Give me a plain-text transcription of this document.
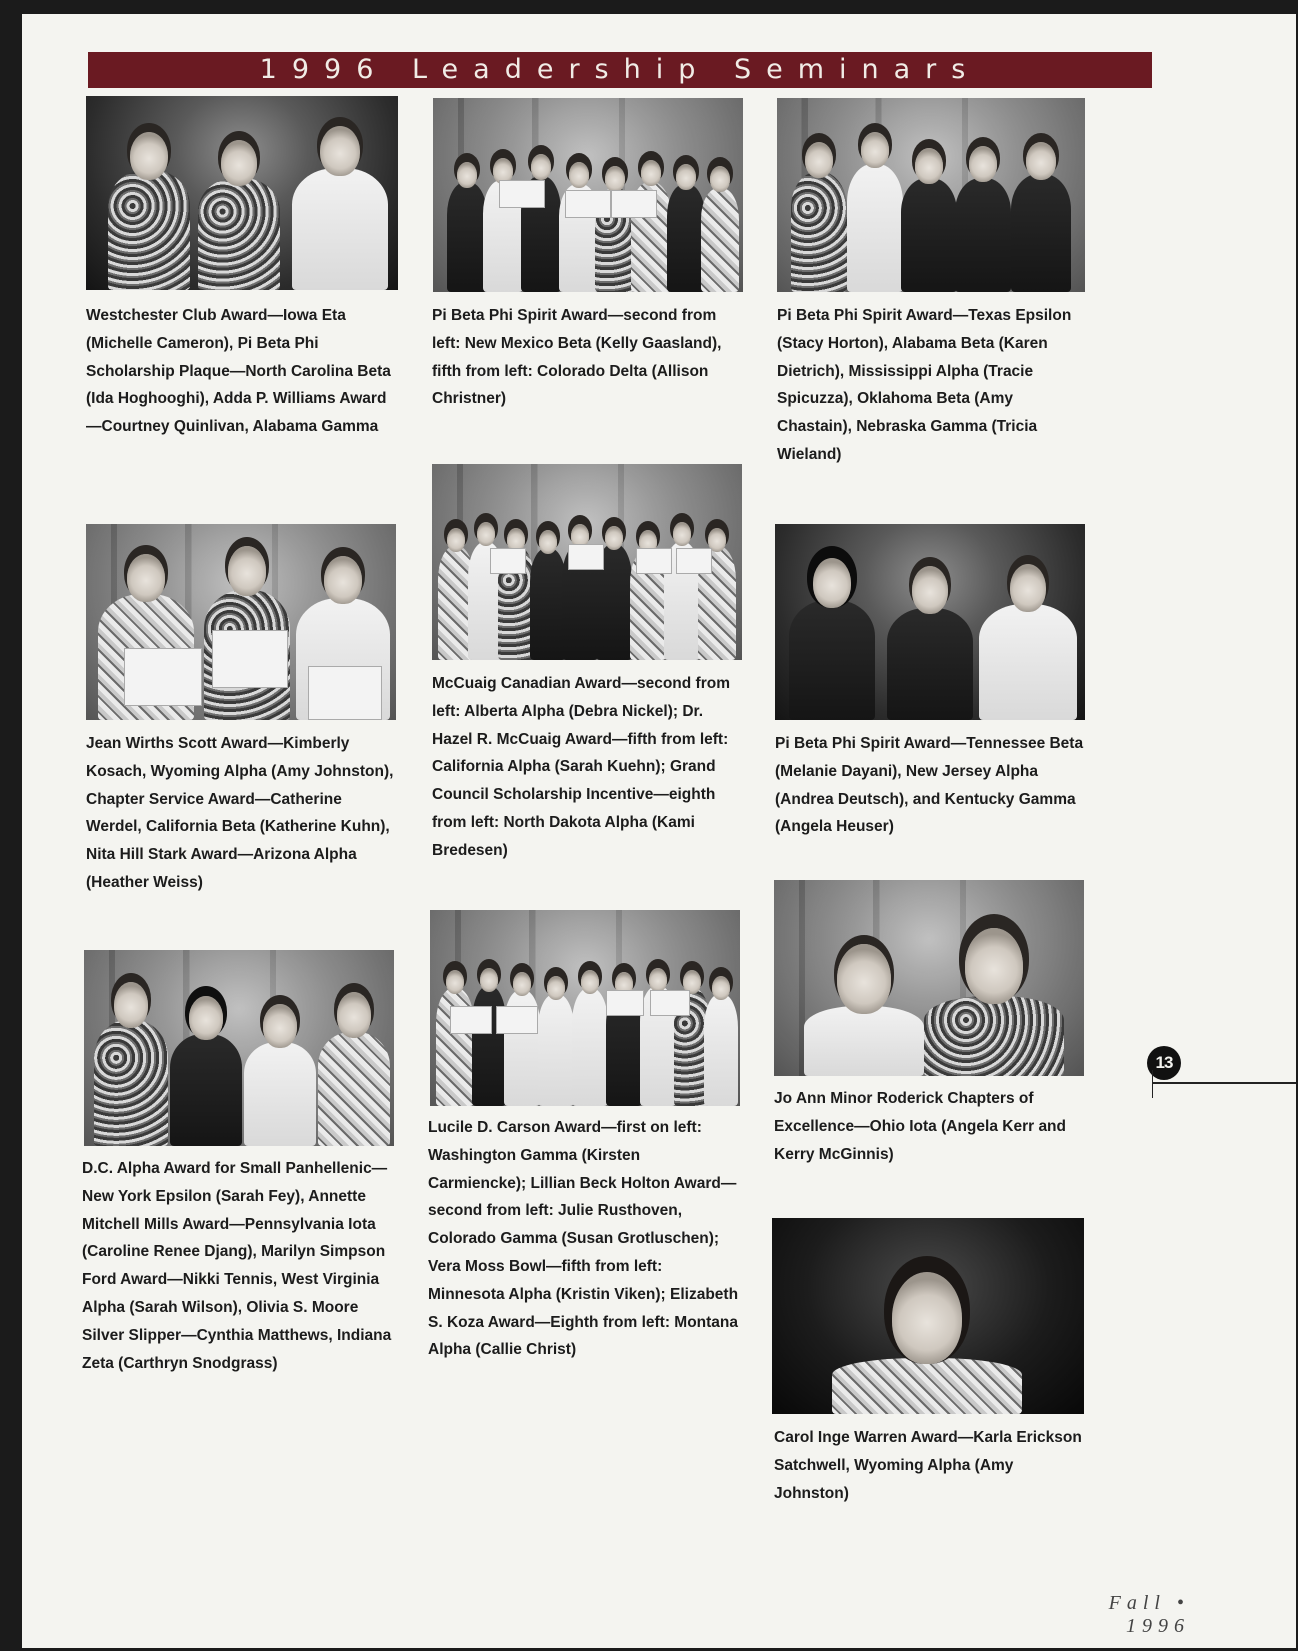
1996 Leadership Seminars

Westchester Club Award—Iowa Eta (Michelle Cameron), Pi Beta Phi Scholarship Plaque—North Carolina Beta (Ida Hoghooghi), Adda P. Williams Award—Courtney Quinlivan, Alabama Gamma

Pi Beta Phi Spirit Award—second from left: New Mexico Beta (Kelly Gaasland), fifth from left: Colorado Delta (Allison Christner)

Pi Beta Phi Spirit Award—Texas Epsilon (Stacy Horton), Alabama Beta (Karen Dietrich), Mississippi Alpha (Tracie Spicuzza), Oklahoma Beta (Amy Chastain), Nebraska Gamma (Tricia Wieland)

McCuaig Canadian Award—second from left: Alberta Alpha (Debra Nickel); Dr. Hazel R. McCuaig Award—fifth from left: California Alpha (Sarah Kuehn); Grand Council Scholarship Incentive—eighth from left: North Dakota Alpha (Kami Bredesen)

Jean Wirths Scott Award—Kimberly Kosach, Wyoming Alpha (Amy Johnston), Chapter Service Award—Catherine Werdel, California Beta (Katherine Kuhn), Nita Hill Stark Award—Arizona Alpha (Heather Weiss)

Pi Beta Phi Spirit Award—Tennessee Beta (Melanie Dayani), New Jersey Alpha (Andrea Deutsch), and Kentucky Gamma (Angela Heuser)

Jo Ann Minor Roderick Chapters of Excellence—Ohio Iota (Angela Kerr and Kerry McGinnis)

Lucile D. Carson Award—first on left: Washington Gamma (Kirsten Carmiencke); Lillian Beck Holton Award—second from left: Julie Rusthoven, Colorado Gamma (Susan Grotluschen); Vera Moss Bowl—fifth from left: Minnesota Alpha (Kristin Viken); Elizabeth S. Koza Award—Eighth from left: Montana Alpha (Callie Christ)

D.C. Alpha Award for Small Panhellenic—New York Epsilon (Sarah Fey), Annette Mitchell Mills Award—Pennsylvania Iota (Caroline Renee Djang), Marilyn Simpson Ford Award—Nikki Tennis, West Virginia Alpha (Sarah Wilson), Olivia S. Moore Silver Slipper—Cynthia Matthews, Indiana Zeta (Carthryn Snodgrass)

Carol Inge Warren Award—Karla Erickson Satchwell, Wyoming Alpha (Amy Johnston)

13
Fall • 1996
